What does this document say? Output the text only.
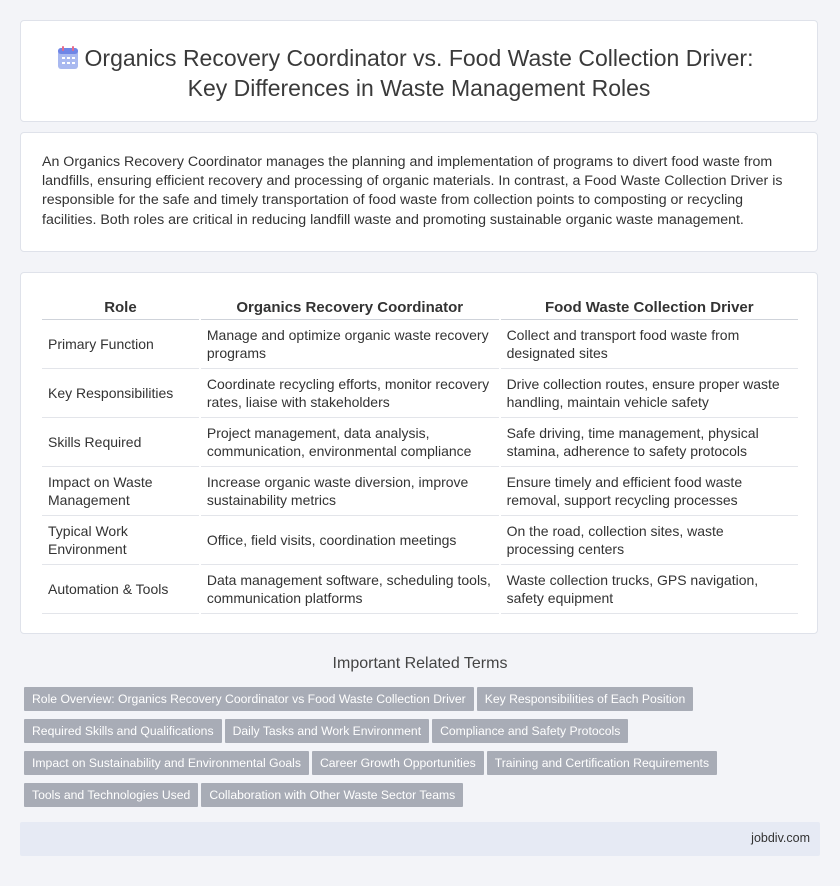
Organics Recovery Coordinator vs. Food Waste Collection Driver:
Key Differences in Waste Management Roles

An Organics Recovery Coordinator manages the planning and implementation of programs to divert food waste from landfills, ensuring efficient recovery and processing of organic materials. In contrast, a Food Waste Collection Driver is responsible for the safe and timely transportation of food waste from collection points to composting or recycling facilities. Both roles are critical in reducing landfill waste and promoting sustainable organic waste management.

Role	Organics Recovery Coordinator	Food Waste Collection Driver
Primary Function	Manage and optimize organic waste recovery programs	Collect and transport food waste from designated sites
Key Responsibilities	Coordinate recycling efforts, monitor recovery rates, liaise with stakeholders	Drive collection routes, ensure proper waste handling, maintain vehicle safety
Skills Required	Project management, data analysis, communication, environmental compliance	Safe driving, time management, physical stamina, adherence to safety protocols
Impact on Waste Management	Increase organic waste diversion, improve sustainability metrics	Ensure timely and efficient food waste removal, support recycling processes
Typical Work Environment	Office, field visits, coordination meetings	On the road, collection sites, waste processing centers
Automation & Tools	Data management software, scheduling tools, communication platforms	Waste collection trucks, GPS navigation, safety equipment
Important Related Terms
Role Overview: Organics Recovery Coordinator vs Food Waste Collection Driver Key Responsibilities of Each Position
Required Skills and Qualifications Daily Tasks and Work Environment Compliance and Safety Protocols
Impact on Sustainability and Environmental Goals Career Growth Opportunities Training and Certification Requirements
Tools and Technologies Used Collaboration with Other Waste Sector Teams
jobdiv.com
